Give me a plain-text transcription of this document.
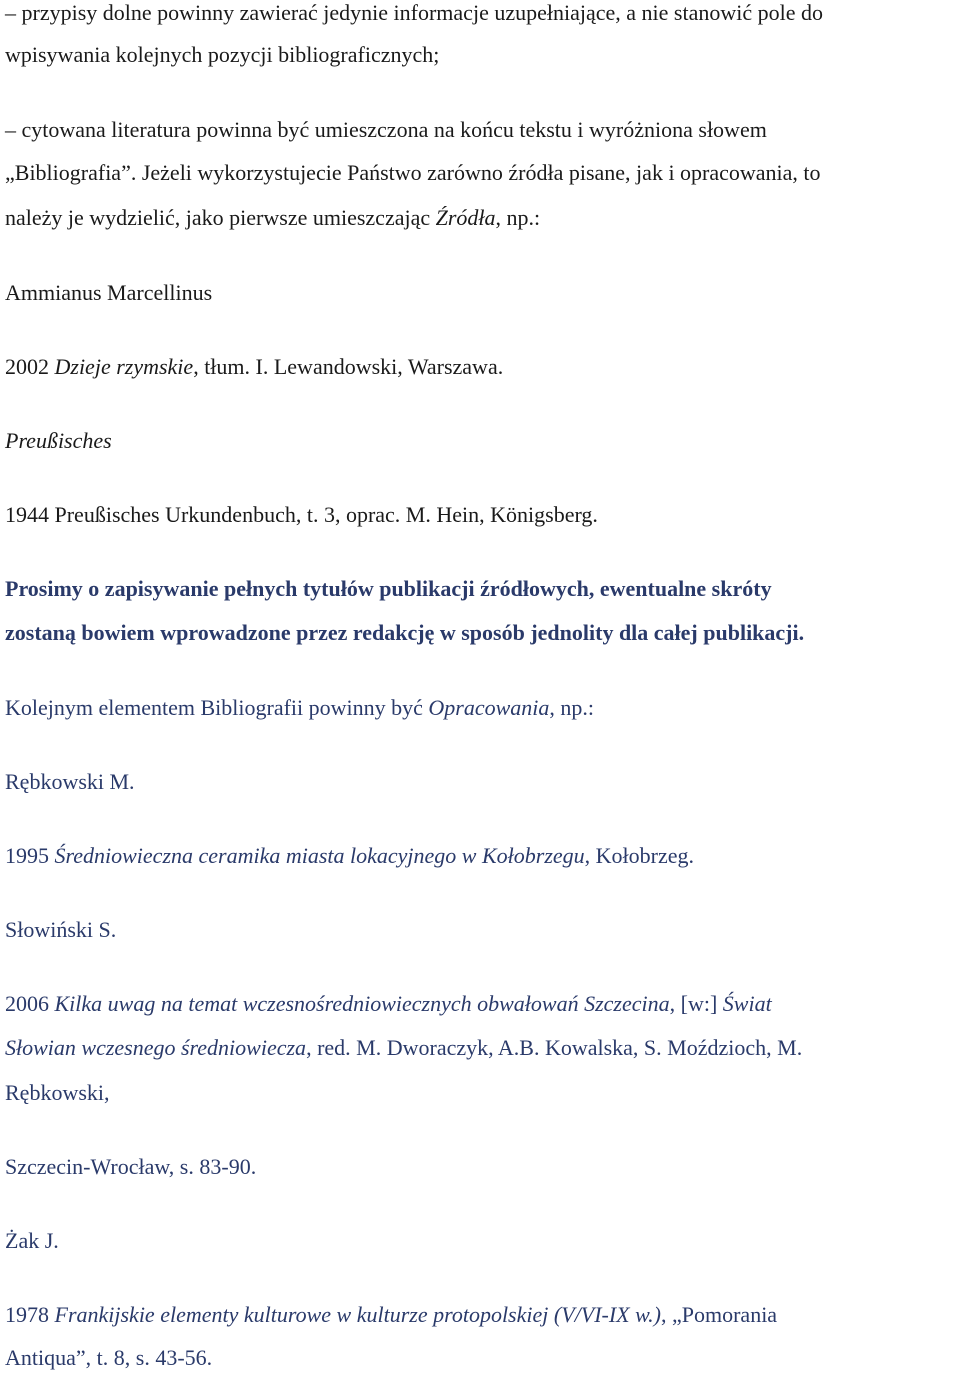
– przypisy dolne powinny zawierać jedynie informacje uzupełniające, a nie stanowić pole do
wpisywania kolejnych pozycji bibliograficznych;
– cytowana literatura powinna być umieszczona na końcu tekstu i wyróżniona słowem
„Bibliografia”. Jeżeli wykorzystujecie Państwo zarówno źródła pisane, jak i opracowania, to
należy je wydzielić, jako pierwsze umieszczając Źródła, np.:
Ammianus Marcellinus
2002 Dzieje rzymskie, tłum. I. Lewandowski, Warszawa.
Preußisches
1944 Preußisches Urkundenbuch, t. 3, oprac. M. Hein, Königsberg.
Prosimy o zapisywanie pełnych tytułów publikacji źródłowych, ewentualne skróty
zostaną bowiem wprowadzone przez redakcję w sposób jednolity dla całej publikacji.
Kolejnym elementem Bibliografii powinny być Opracowania, np.:
Rębkowski M.
1995 Średniowieczna ceramika miasta lokacyjnego w Kołobrzegu, Kołobrzeg.
Słowiński S.
2006 Kilka uwag na temat wczesnośredniowiecznych obwałowań Szczecina, [w:] Świat
Słowian wczesnego średniowiecza, red. M. Dworaczyk, A.B. Kowalska, S. Moździoch, M.
Rębkowski,
Szczecin-Wrocław, s. 83-90.
Żak J.
1978 Frankijskie elementy kulturowe w kulturze protopolskiej (V/VI-IX w.), „Pomorania
Antiqua”, t. 8, s. 43-56.
